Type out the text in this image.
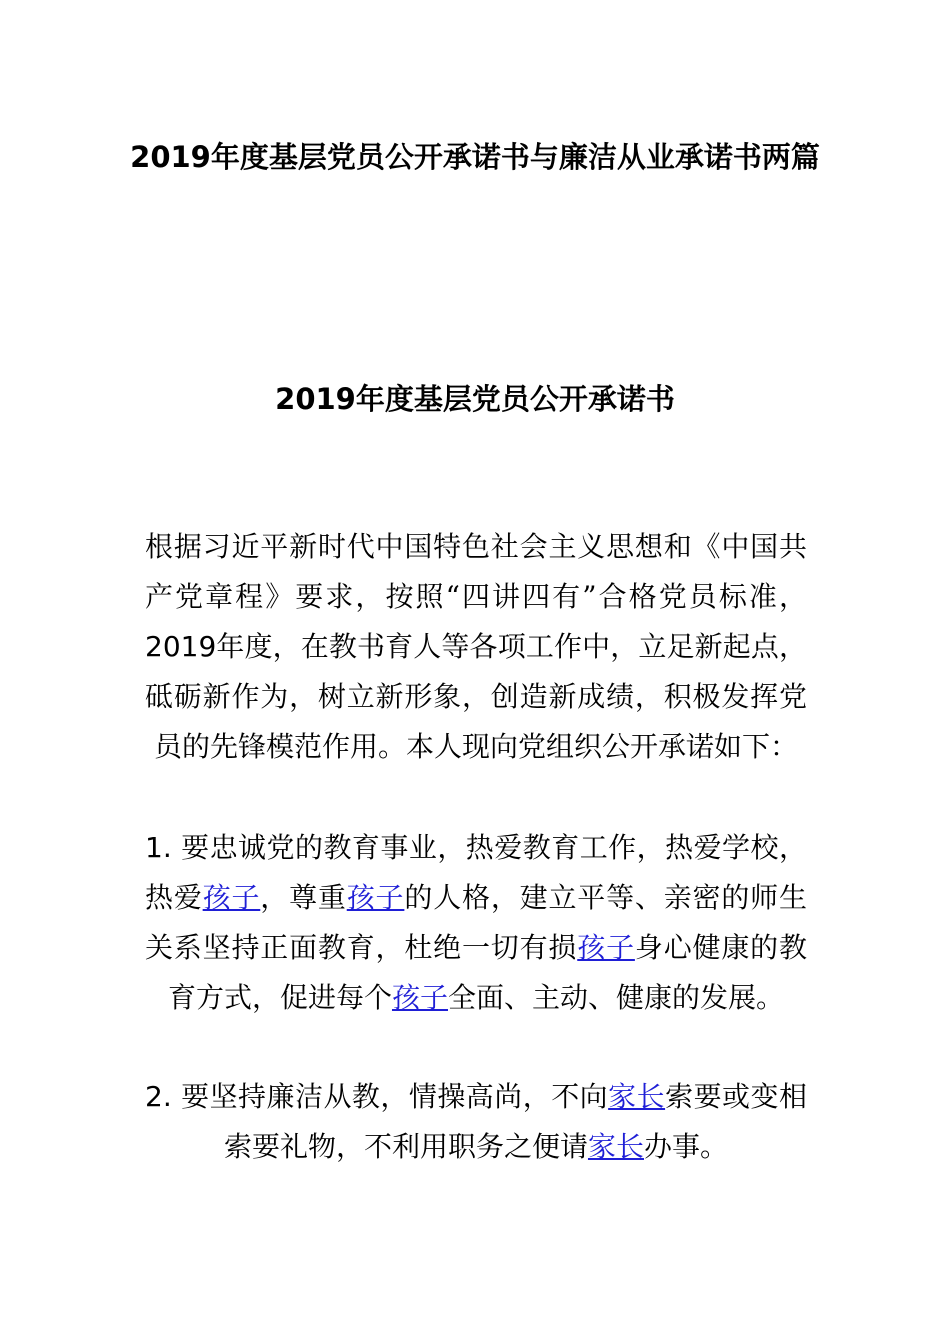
2019年度基层党员公开承诺书与廉洁从业承诺书两篇
2019年度基层党员公开承诺书

根据习近平新时代中国特色社会主义思想和《中国共产党章程》要求，按照“四讲四有”合格党员标准，2019年度，在教书育人等各项工作中，立足新起点，砥砺新作为，树立新形象，创造新成绩，积极发挥党员的先锋模范作用。本人现向党组织公开承诺如下：

1. 要忠诚党的教育事业，热爱教育工作，热爱学校，热爱孩子，尊重孩子的人格，建立平等、亲密的师生关系坚持正面教育，杜绝一切有损孩子身心健康的教育方式，促进每个孩子全面、主动、健康的发展。

2. 要坚持廉洁从教，情操高尚，不向家长索要或变相索要礼物，不利用职务之便请家长办事。
